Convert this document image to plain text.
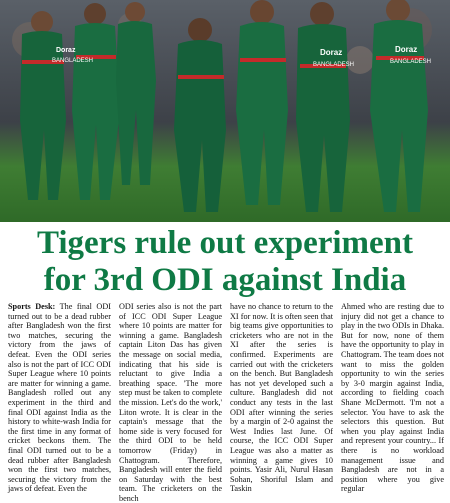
Doraz
BANGLADESH
Doraz
BANGLADESH
Doraz
BANGLADESH
Tigers rule out experiment
for 3rd ODI against India

Sports Desk: The final ODI turned out to be a dead rubber after Bangladesh won the first two matches, securing the victory from the jaws of defeat. Even the ODI series also is not the part of ICC ODI Super League where 10 points are matter for winning a game. Bangladesh rolled out any experiment in the third and final ODI against India as the history to white-wash India for the first time in any format of cricket beckons them. The final ODI turned out to be a dead rubber after Bangladesh won the first two matches, securing the victory from the jaws of defeat. Even the

ODI series also is not the part of ICC ODI Super League where 10 points are matter for winning a game. Bangladesh captain Liton Das has given the message on social media, indicating that his side is reluctant to give India a breathing space. 'The more step must be taken to complete the mission. Let's do the work,' Liton wrote. It is clear in the captain's message that the home side is very focused for the third ODI to be held tomorrow (Friday) in Chattogram. Therefore, Bangladesh will enter the field on Saturday with the best team. The cricketers on the bench

have no chance to return to the XI for now. It is often seen that big teams give opportunities to cricketers who are not in the XI after the series is confirmed. Experiments are carried out with the cricketers on the bench. But Bangladesh has not yet developed such a culture. Bangladesh did not conduct any tests in the last ODI after winning the series by a margin of 2-0 against the West Indies last June. Of course, the ICC ODI Super League was also a matter as winning a game gives 10 points. Yasir Ali, Nurul Hasan Sohan, Shoriful Islam and Taskin

Ahmed who are resting due to injury did not get a chance to play in the two ODIs in Dhaka. But for now, none of them have the opportunity to play in Chattogram. The team does not want to miss the golden opportunity to win the series by 3-0 margin against India, according to fielding coach Shane McDermott. 'I'm not a selector. You have to ask the selectors this question. But when you play against India and represent your country... If there is no workload management issue and Bangladesh are not in a position where you give regular
